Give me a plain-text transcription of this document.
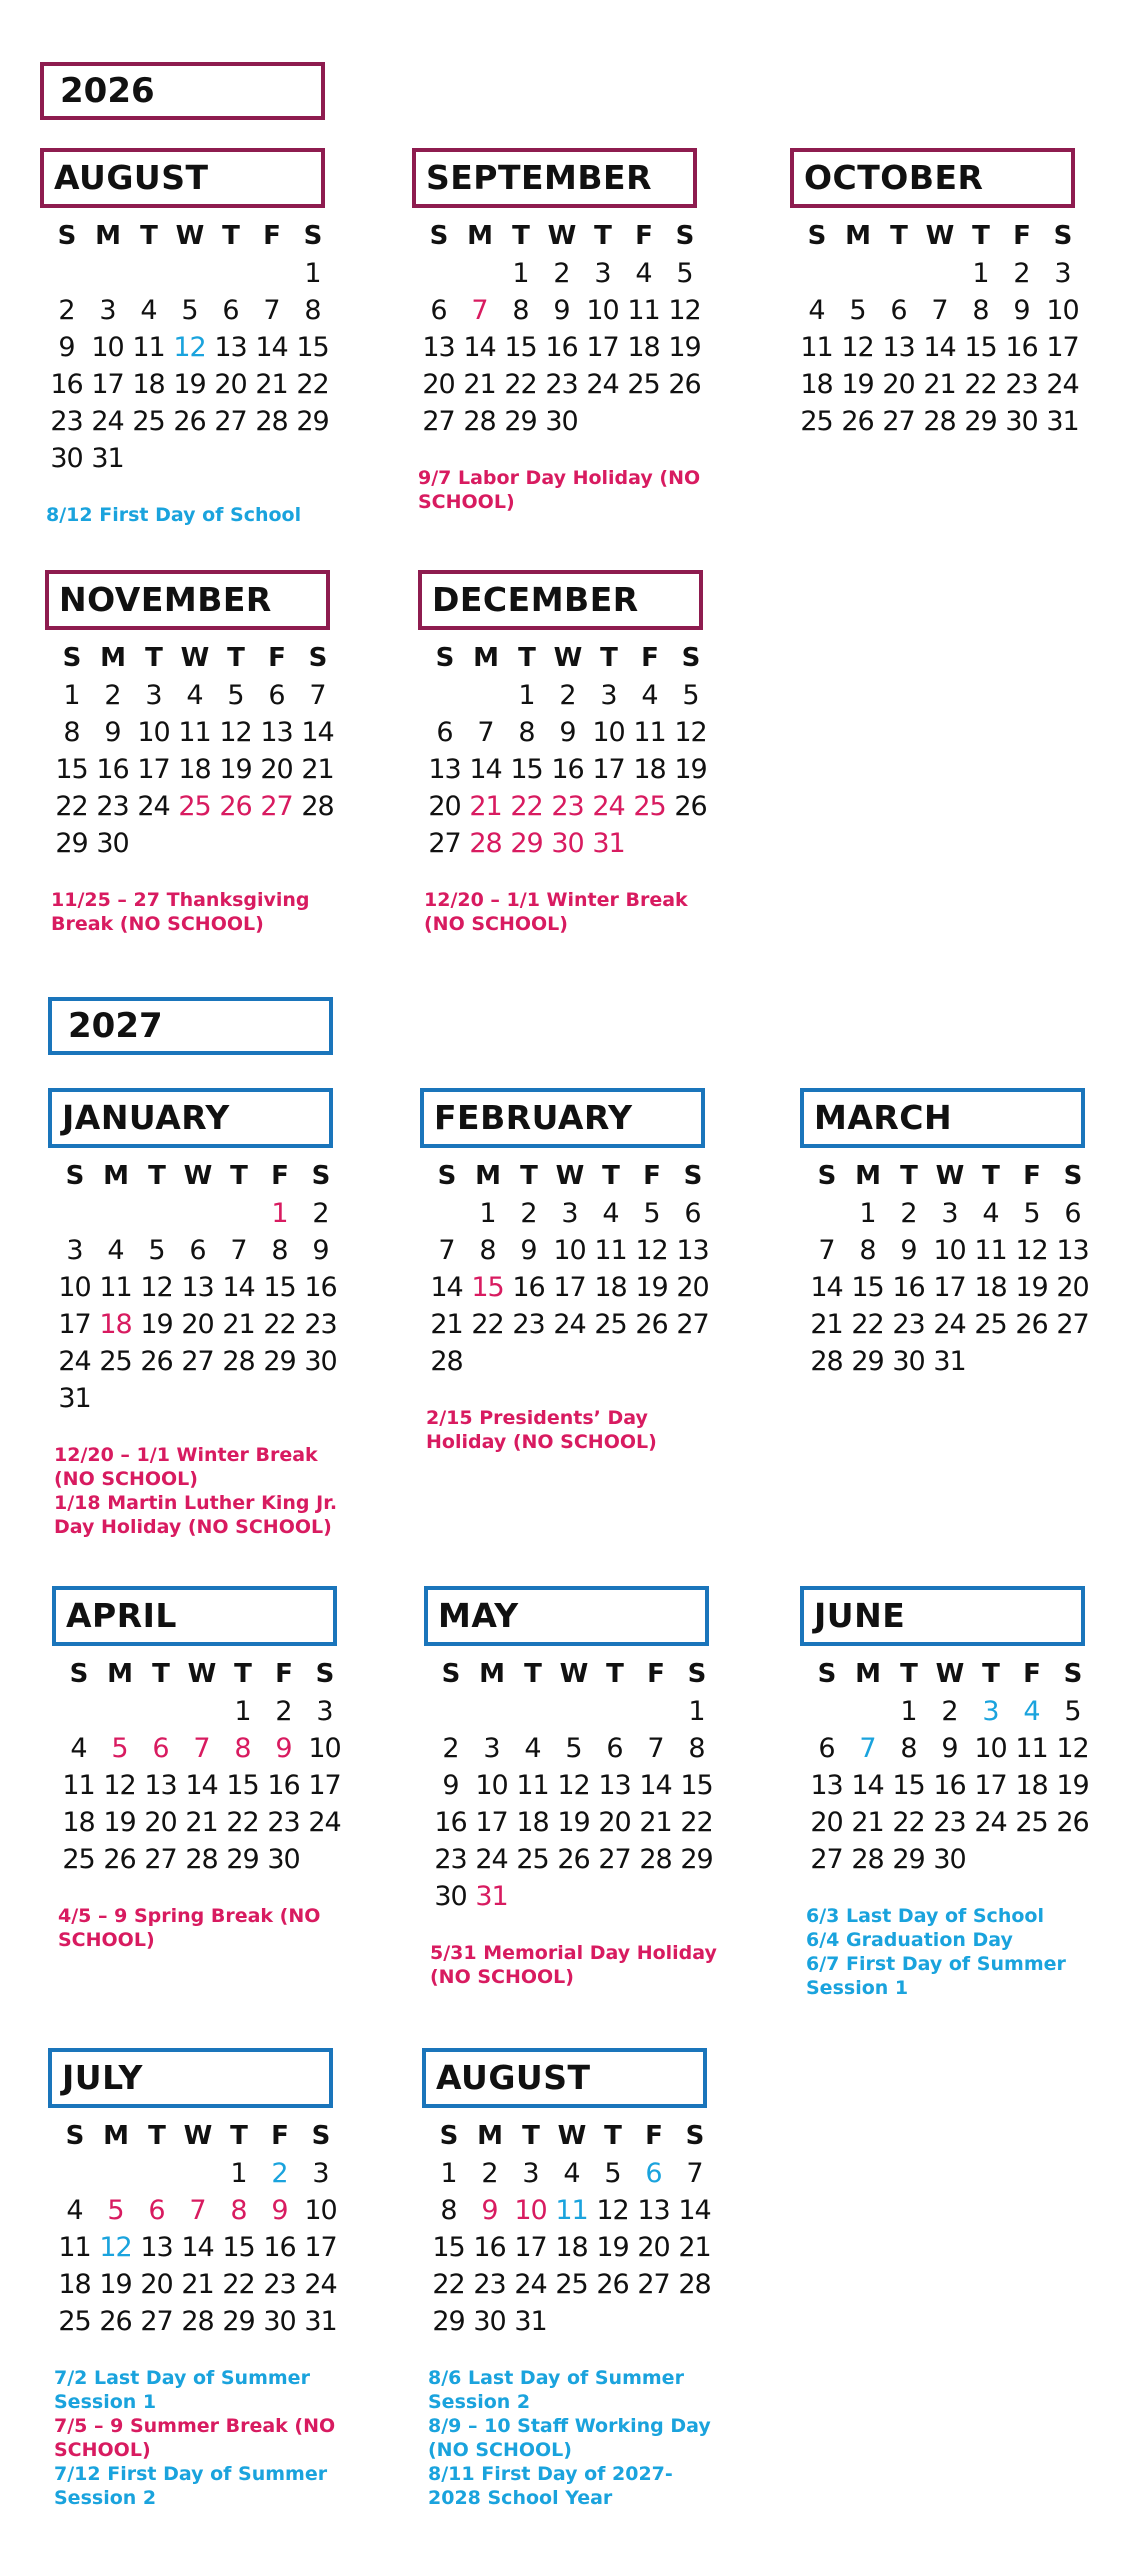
2026
2027
AUGUST
S M T W T F S
1
2 3 4 5 6 7 8
9 10 11 12 13 14 15
16 17 18 19 20 21 22
23 24 25 26 27 28 29
30 31
8/12 First Day of School
SEPTEMBER
S M T W T F S
1 2 3 4 5
6 7 8 9 10 11 12
13 14 15 16 17 18 19
20 21 22 23 24 25 26
27 28 29 30
9/7 Labor Day Holiday (NO SCHOOL)
OCTOBER
S M T W T F S
1 2 3
4 5 6 7 8 9 10
11 12 13 14 15 16 17
18 19 20 21 22 23 24
25 26 27 28 29 30 31
NOVEMBER
S M T W T F S
1 2 3 4 5 6 7
8 9 10 11 12 13 14
15 16 17 18 19 20 21
22 23 24 25 26 27 28
29 30
11/25 – 27 Thanksgiving Break (NO SCHOOL)
DECEMBER
S M T W T F S
1 2 3 4 5
6 7 8 9 10 11 12
13 14 15 16 17 18 19
20 21 22 23 24 25 26
27 28 29 30 31
12/20 – 1/1 Winter Break (NO SCHOOL)
JANUARY
S M T W T F S
1 2
3 4 5 6 7 8 9
10 11 12 13 14 15 16
17 18 19 20 21 22 23
24 25 26 27 28 29 30
31
12/20 – 1/1 Winter Break (NO SCHOOL)
1/18 Martin Luther King Jr. Day Holiday (NO SCHOOL)
FEBRUARY
S M T W T F S
1 2 3 4 5 6
7 8 9 10 11 12 13
14 15 16 17 18 19 20
21 22 23 24 25 26 27
28
2/15 Presidents’ Day Holiday (NO SCHOOL)
MARCH
S M T W T F S
1 2 3 4 5 6
7 8 9 10 11 12 13
14 15 16 17 18 19 20
21 22 23 24 25 26 27
28 29 30 31
APRIL
S M T W T F S
1 2 3
4 5 6 7 8 9 10
11 12 13 14 15 16 17
18 19 20 21 22 23 24
25 26 27 28 29 30
4/5 – 9 Spring Break (NO SCHOOL)
MAY
S M T W T F S
1
2 3 4 5 6 7 8
9 10 11 12 13 14 15
16 17 18 19 20 21 22
23 24 25 26 27 28 29
30 31
5/31 Memorial Day Holiday (NO SCHOOL)
JUNE
S M T W T F S
1 2 3 4 5
6 7 8 9 10 11 12
13 14 15 16 17 18 19
20 21 22 23 24 25 26
27 28 29 30
6/3 Last Day of School
6/4 Graduation Day
6/7 First Day of Summer Session 1
JULY
S M T W T F S
1 2 3
4 5 6 7 8 9 10
11 12 13 14 15 16 17
18 19 20 21 22 23 24
25 26 27 28 29 30 31
7/2 Last Day of Summer Session 1
7/5 – 9 Summer Break (NO SCHOOL)
7/12 First Day of Summer Session 2
AUGUST
S M T W T F S
1 2 3 4 5 6 7
8 9 10 11 12 13 14
15 16 17 18 19 20 21
22 23 24 25 26 27 28
29 30 31
8/6 Last Day of Summer Session 2
8/9 – 10 Staff Working Day (NO SCHOOL)
8/11 First Day of 2027-2028 School Year
